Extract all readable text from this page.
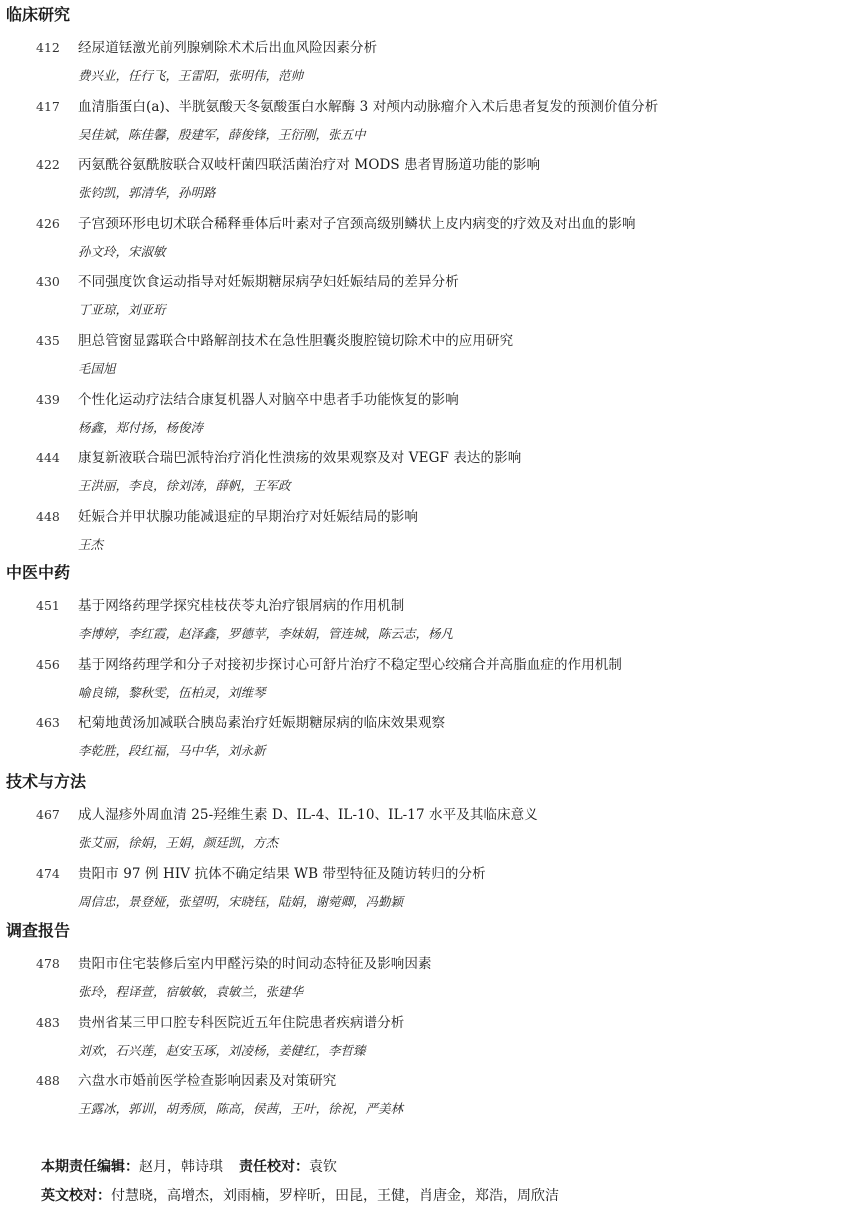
临床研究
412	经尿道铥激光前列腺剜除术术后出血风险因素分析
费兴业，任行飞，王雷阳，张明伟，范帅
417	血清脂蛋白(a)、半胱氨酸天冬氨酸蛋白水解酶 3 对颅内动脉瘤介入术后患者复发的预测价值分析
吴佳斌，陈佳馨，殷建军，薛俊锋，王衍刚，张五中
422	丙氨酰谷氨酰胺联合双岐杆菌四联活菌治疗对 MODS 患者胃肠道功能的影响
张钧凯，郭清华，孙明路
426	子宫颈环形电切术联合稀释垂体后叶素对子宫颈高级别鳞状上皮内病变的疗效及对出血的影响
孙文玲，宋淑敏
430	不同强度饮食运动指导对妊娠期糖尿病孕妇妊娠结局的差异分析
丁亚琼，刘亚珩
435	胆总管窗显露联合中路解剖技术在急性胆囊炎腹腔镜切除术中的应用研究
毛国旭
439	个性化运动疗法结合康复机器人对脑卒中患者手功能恢复的影响
杨鑫，郑付扬，杨俊涛
444	康复新液联合瑞巴派特治疗消化性溃疡的效果观察及对 VEGF 表达的影响
王洪丽，李良，徐刘涛，薛帆，王军政
448	妊娠合并甲状腺功能减退症的早期治疗对妊娠结局的影响
王杰
中医中药
451	基于网络药理学探究桂枝茯苓丸治疗银屑病的作用机制
李博婷，李红霞，赵泽鑫，罗德苹，李妹娟，管连城，陈云志，杨凡
456	基于网络药理学和分子对接初步探讨心可舒片治疗不稳定型心绞痛合并高脂血症的作用机制
喻良锦，黎秋雯，伍柏灵，刘维琴
463	杞菊地黄汤加减联合胰岛素治疗妊娠期糖尿病的临床效果观察
李乾胜，段红福，马中华，刘永新
技术与方法
467	成人湿疹外周血清 25-羟维生素 D、IL-4、IL-10、IL-17 水平及其临床意义
张艾丽，徐娟，王娟，颜廷凯，方杰
474	贵阳市 97 例 HIV 抗体不确定结果 WB 带型特征及随访转归的分析
周信忠，景登娅，张望明，宋晓钰，陆娟，谢菀卿，冯勤颖
调查报告
478	贵阳市住宅装修后室内甲醛污染的时间动态特征及影响因素
张玲，程译萱，宿敏敏，袁敏兰，张建华
483	贵州省某三甲口腔专科医院近五年住院患者疾病谱分析
刘欢，石兴莲，赵安玉琢，刘凌杨，姜健红，李哲臻
488	六盘水市婚前医学检查影响因素及对策研究
王露冰，郭训，胡秀颀，陈高，侯茜，王叶，徐祝，严美林
本期责任编辑：赵月，韩诗琪 责任校对：袁钦
英文校对：付慧晓，高增杰，刘雨楠，罗梓昕，田昆，王健，肖唐金，郑浩，周欣洁
